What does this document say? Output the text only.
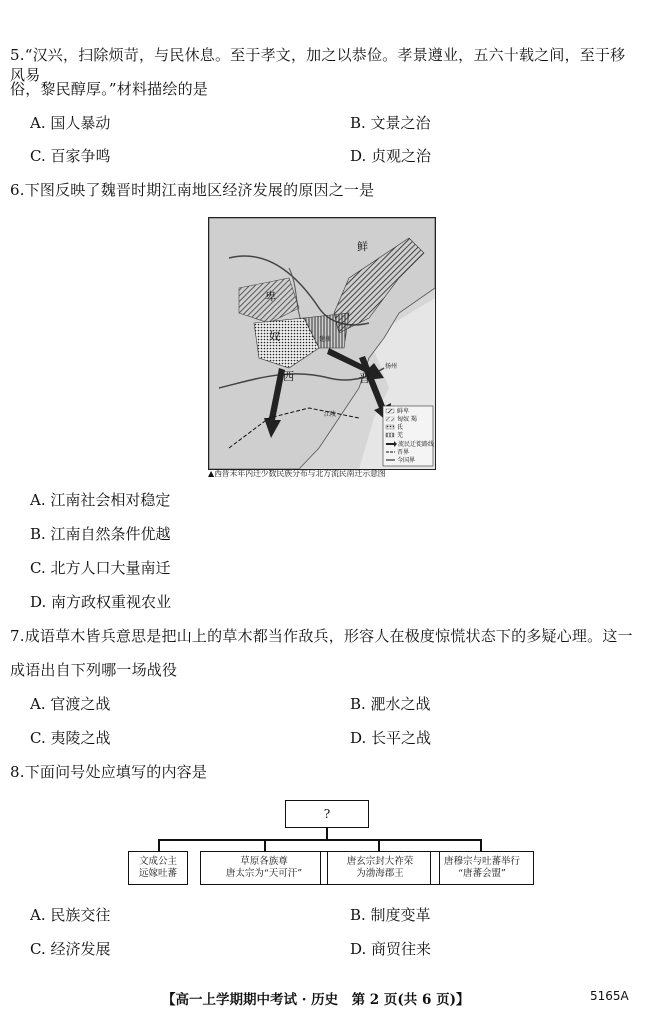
5.“汉兴，扫除烦苛，与民休息。至于孝文，加之以恭俭。孝景遵业，五六十载之间，至于移风易
俗，黎民醇厚。”材料描绘的是
A. 国人暴动	B. 文景之治
C. 百家争鸣	D. 贞观之治
6.下图反映了魏晋时期江南地区经济发展的原因之一是
鲜
卑
奴
西	晋
建康
扬州
江陵	鲜卑
匈奴 羯
氐
羌
流民迁徙路线
晋界
今国界
▲西晋末年内迁少数民族分布与北方流民南迁示意图
A. 江南社会相对稳定
B. 江南自然条件优越
C. 北方人口大量南迁
D. 南方政权重视农业
7.成语草木皆兵意思是把山上的草木都当作敌兵，形容人在极度惊慌状态下的多疑心理。这一
成语出自下列哪一场战役
A. 官渡之战	B. 淝水之战
C. 夷陵之战	D. 长平之战
8.下面问号处应填写的内容是
?
文成公主
远嫁吐蕃
草原各族尊
唐太宗为“天可汗”
唐玄宗封大祚荣
为渤海郡王
唐穆宗与吐蕃举行
“唐蕃会盟”
A. 民族交往	B. 制度变革
C. 经济发展	D. 商贸往来
【高一上学期期中考试 · 历史　第 2 页(共 6 页)】	5165A
